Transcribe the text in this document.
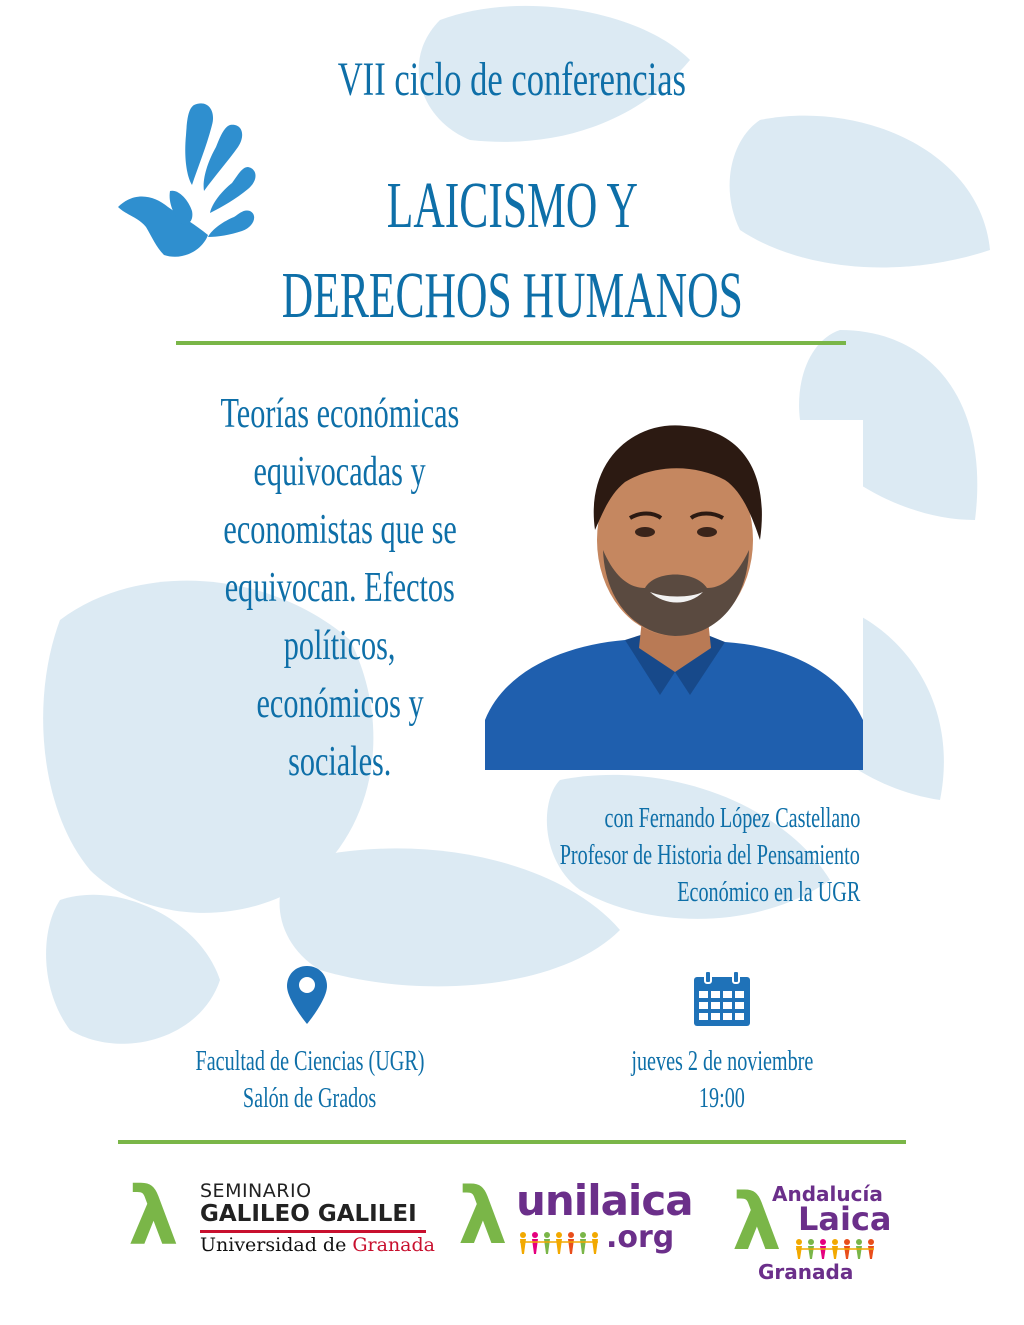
VII ciclo de conferencias
LAICISMO Y
DERECHOS HUMANOS
Teorías económicas
equivocadas y
economistas que se
equivocan. Efectos
políticos,
económicos y
sociales.
con Fernando López Castellano
Profesor de Historia del Pensamiento
Económico en la UGR
Facultad de Ciencias (UGR)
Salón de Grados
jueves 2 de noviembre
19:00
λ SEMINARIO
GALILEO GALILEI
Universidad de Granada λ unilaica
.org λ
Andalucía
Laica
Granada
